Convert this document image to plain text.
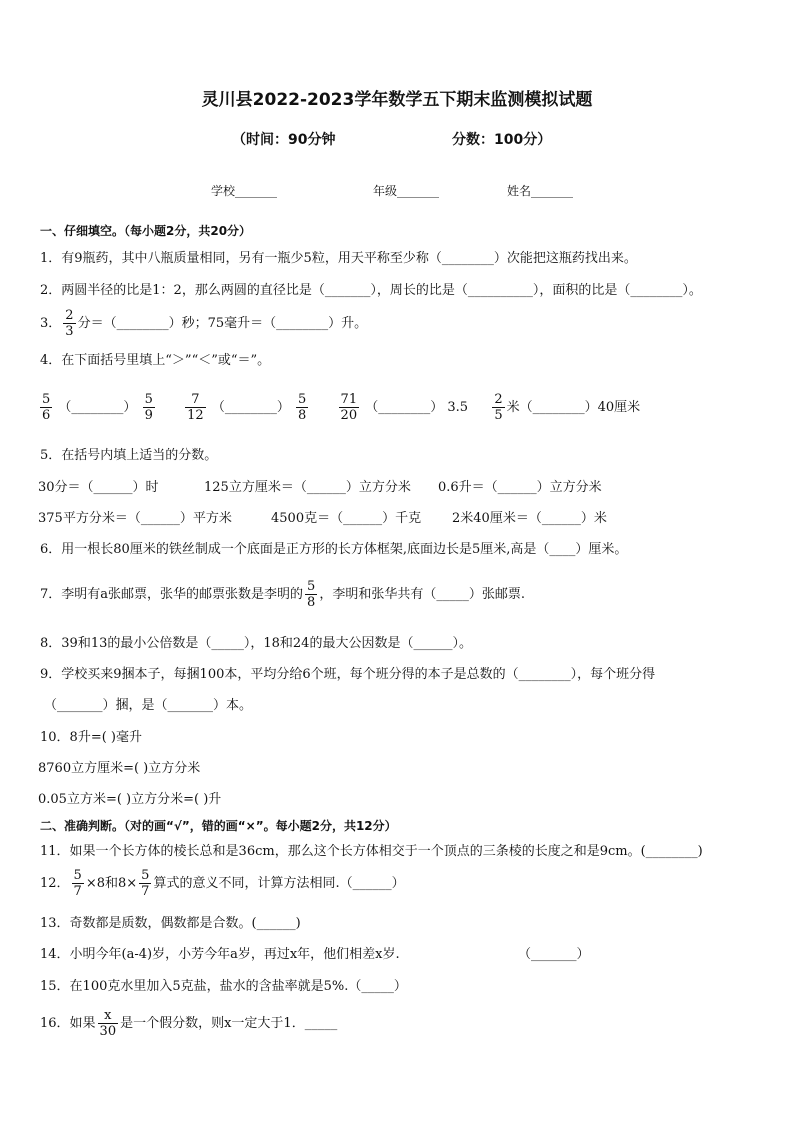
灵川县2022-2023学年数学五下期末监测模拟试题
（时间：90分钟	分数：100分）
学校_______	年级_______	姓名_______
一、仔细填空。（每小题2分，共20分）
1．有9瓶药，其中八瓶质量相同，另有一瓶少5粒，用天平称至少称（________）次能把这瓶药找出来。
2．两圆半径的比是1：2，那么两圆的直径比是（_______），周长的比是（__________），面积的比是（________）。
3． $\frac{2}{3}$ 分＝（________）秒；75毫升＝（________）升。
4．在下面括号里填上“＞”“＜”或“＝”。
$\frac{5}{6}$ （________） $\frac{5}{9}$
$\frac{7}{12}$ （________） $\frac{5}{8}$
$\frac{71}{20}$ （________） $3.5 \frac{2}{5}$ 米（________）40厘米
5．在括号内填上适当的分数。
30分＝（______）时	125立方厘米＝（______）立方分米 0.6升＝（______）立方分米
375平方分米＝（______）平方米	4500克＝（______）千克 2米40厘米＝（______）米
6．用一根长80厘米的铁丝制成一个底面是正方形的长方体框架,底面边长是5厘米,高是（____）厘米。
7．李明有a张邮票，张华的邮票张数是李明的 $\frac{5}{8}$ ，李明和张华共有（_____）张邮票.
8．39和13的最小公倍数是（_____），18和24的最大公因数是（______）。
9．学校买来9捆本子，每捆100本，平均分给6个班，每个班分得的本子是总数的（________），每个班分得
（_______）捆，是（_______）本。
10．8升=( )毫升
8760立方厘米=( )立方分米
0.05立方米=( )立方分米=( )升
二、准确判断。（对的画“√”，错的画“×”。每小题2分，共12分）
11．如果一个长方体的棱长总和是36cm，那么这个长方体相交于一个顶点的三条棱的长度之和是9cm。(________)
12． $\frac{5}{7} \times 8$和$8\times \frac{5}{7}$ 算式的意义不同，计算方法相同.（______）
13．奇数都是质数，偶数都是合数。(______)
14．小明今年(a-4)岁，小芳今年a岁，再过x年，他们相差x岁.	（_______）
15．在100克水里加入5克盐，盐水的含盐率就是5%.（_____）
16．如果 $\frac{x}{30}$ 是一个假分数，则x一定大于1．_____
